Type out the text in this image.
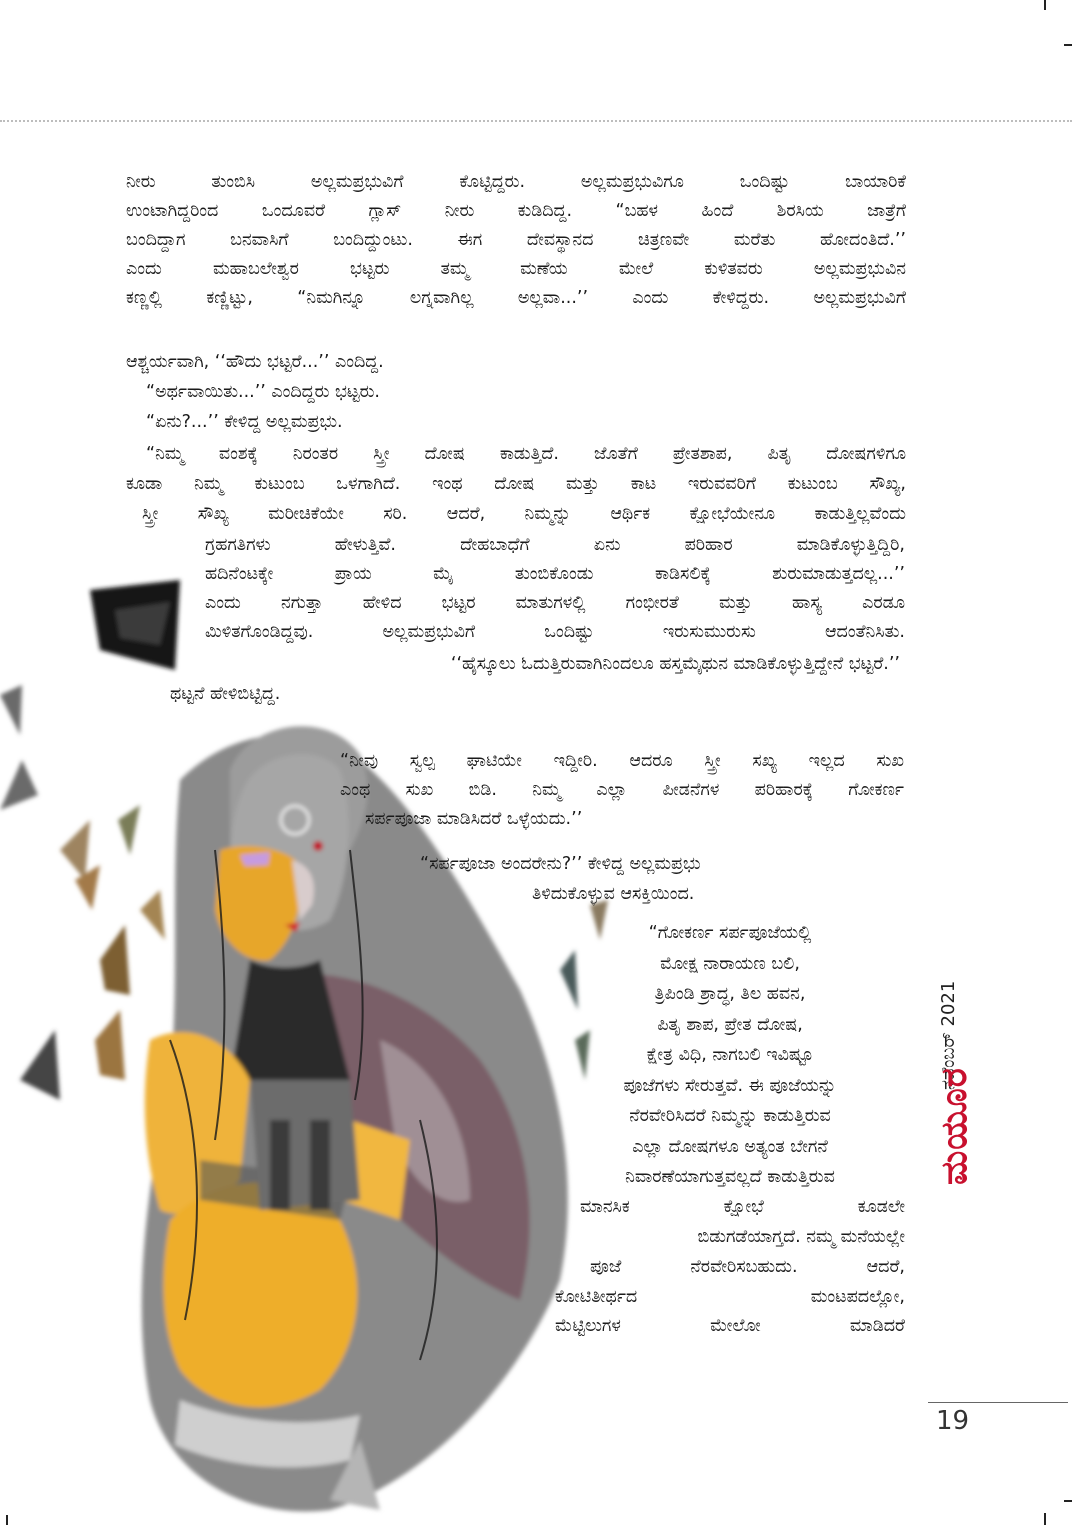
ನೀರು ತುಂಬಿಸಿ ಅಲ್ಲಮಪ್ರಭುವಿಗೆ ಕೊಟ್ಟಿದ್ದರು. ಅಲ್ಲಮಪ್ರಭುವಿಗೂ ಒಂದಿಷ್ಟು ಬಾಯಾರಿಕೆ
ಉಂಟಾಗಿದ್ದರಿಂದ ಒಂದೂವರೆ ಗ್ಲಾಸ್ ನೀರು ಕುಡಿದಿದ್ದ. “ಬಹಳ ಹಿಂದೆ ಶಿರಸಿಯ ಜಾತ್ರೆಗೆ
ಬಂದಿದ್ದಾಗ ಬನವಾಸಿಗೆ ಬಂದಿದ್ದುಂಟು. ಈಗ ದೇವಸ್ಥಾನದ ಚಿತ್ರಣವೇ ಮರೆತು ಹೋದಂತಿದೆ.’’
ಎಂದು ಮಹಾಬಲೇಶ್ವರ ಭಟ್ಟರು ತಮ್ಮ ಮಣೆಯ ಮೇಲೆ ಕುಳಿತವರು ಅಲ್ಲಮಪ್ರಭುವಿನ
ಕಣ್ಣಲ್ಲಿ ಕಣ್ಣಿಟ್ಟು, “ನಿಮಗಿನ್ನೂ ಲಗ್ನವಾಗಿಲ್ಲ ಅಲ್ಲವಾ...’’ ಎಂದು ಕೇಳಿದ್ದರು. ಅಲ್ಲಮಪ್ರಭುವಿಗೆ
ಆಶ್ಚರ್ಯವಾಗಿ, ‘‘ಹೌದು ಭಟ್ಟರೆ...’’ ಎಂದಿದ್ದ.
“ಅರ್ಥವಾಯಿತು...’’ ಎಂದಿದ್ದರು ಭಟ್ಟರು.
“ಏನು?...’’ ಕೇಳಿದ್ದ ಅಲ್ಲಮಪ್ರಭು.
“ನಿಮ್ಮ ವಂಶಕ್ಕೆ ನಿರಂತರ ಸ್ತ್ರೀ ದೋಷ ಕಾಡುತ್ತಿದೆ. ಜೊತೆಗೆ ಪ್ರೇತಶಾಪ, ಪಿತೃ ದೋಷಗಳಿಗೂ
ಕೂಡಾ ನಿಮ್ಮ ಕುಟುಂಬ ಒಳಗಾಗಿದೆ. ಇಂಥ ದೋಷ ಮತ್ತು ಕಾಟ ಇರುವವರಿಗೆ ಕುಟುಂಬ ಸೌಖ್ಯ,
ಸ್ತ್ರೀ ಸೌಖ್ಯ ಮರೀಚಿಕೆಯೇ ಸರಿ. ಆದರೆ, ನಿಮ್ಮನ್ನು ಆರ್ಥಿಕ ಕ್ಷೋಭೆಯೇನೂ ಕಾಡುತ್ತಿಲ್ಲವೆಂದು
ಗ್ರಹಗತಿಗಳು ಹೇಳುತ್ತಿವೆ. ದೇಹಬಾಧೆಗೆ ಏನು ಪರಿಹಾರ ಮಾಡಿಕೊಳ್ಳುತ್ತಿದ್ದಿರಿ,
ಹದಿನೆಂಟಕ್ಕೇ ಪ್ರಾಯ ಮೈ ತುಂಬಿಕೊಂಡು ಕಾಡಿಸಲಿಕ್ಕೆ ಶುರುಮಾಡುತ್ತದಲ್ಲ...’’
ಎಂದು ನಗುತ್ತಾ ಹೇಳಿದ ಭಟ್ಟರ ಮಾತುಗಳಲ್ಲಿ ಗಂಭೀರತೆ ಮತ್ತು ಹಾಸ್ಯ ಎರಡೂ
ಮಿಳಿತಗೊಂಡಿದ್ದವು. ಅಲ್ಲಮಪ್ರಭುವಿಗೆ ಒಂದಿಷ್ಟು ಇರುಸುಮುರುಸು ಆದಂತೆನಿಸಿತು.
‘‘ಹೈಸ್ಕೂಲು ಓದುತ್ತಿರುವಾಗಿನಿಂದಲೂ ಹಸ್ತಮೈಥುನ ಮಾಡಿಕೊಳ್ಳುತ್ತಿದ್ದೇನೆ ಭಟ್ಟರೆ.’’
ಥಟ್ಟನೆ ಹೇಳಿಬಿಟ್ಟಿದ್ದ.
“ನೀವು ಸ್ವಲ್ಪ ಘಾಟಿಯೇ ಇದ್ದೀರಿ. ಆದರೂ ಸ್ತ್ರೀ ಸಖ್ಯ ಇಲ್ಲದ ಸುಖ
ಎಂಥ ಸುಖ ಬಿಡಿ. ನಿಮ್ಮ ಎಲ್ಲಾ ಪೀಡನೆಗಳ ಪರಿಹಾರಕ್ಕೆ ಗೋಕರ್ಣ
ಸರ್ಪಪೂಜಾ ಮಾಡಿಸಿದರೆ ಒಳ್ಳೆಯದು.’’
“ಸರ್ಪಪೂಜಾ ಅಂದರೇನು?’’ ಕೇಳಿದ್ದ ಅಲ್ಲಮಪ್ರಭು
ತಿಳಿದುಕೊಳ್ಳುವ ಆಸಕ್ತಿಯಿಂದ.
“ಗೋಕರ್ಣ ಸರ್ಪಪೂಜೆಯಲ್ಲಿ
ಮೋಕ್ಷ ನಾರಾಯಣ ಬಲಿ,
ತ್ರಿಪಿಂಡಿ ಶ್ರಾದ್ಧ, ತಿಲ ಹವನ,
ಪಿತೃ ಶಾಪ, ಪ್ರೇತ ದೋಷ,
ಕ್ಷೇತ್ರ ವಿಧಿ, ನಾಗಬಲಿ ಇವಿಷ್ಟೂ
ಪೂಜೆಗಳು ಸೇರುತ್ತವೆ. ಈ ಪೂಜೆಯನ್ನು
ನೆರವೇರಿಸಿದರೆ ನಿಮ್ಮನ್ನು ಕಾಡುತ್ತಿರುವ
ಎಲ್ಲಾ ದೋಷಗಳೂ ಅತ್ಯಂತ ಬೇಗನೆ
ನಿವಾರಣೆಯಾಗುತ್ತವಲ್ಲದೆ ಕಾಡುತ್ತಿರುವ
ಮಾನಸಿಕ ಕ್ಷೋಭೆ ಕೂಡಲೇ
ಬಿಡುಗಡೆಯಾಗ್ತದೆ. ನಮ್ಮ ಮನೆಯಲ್ಲೇ
ಪೂಜೆ ನೆರವೇರಿಸಬಹುದು. ಆದರೆ,
ಕೋಟಿತೀರ್ಥದ ಮಂಟಪದಲ್ಲೋ,
ಮೆಟ್ಟಿಲುಗಳ ಮೇಲೋ ಮಾಡಿದರೆ
ನವೆಂಬರ್ 2021
ಮಯೂರ
19
